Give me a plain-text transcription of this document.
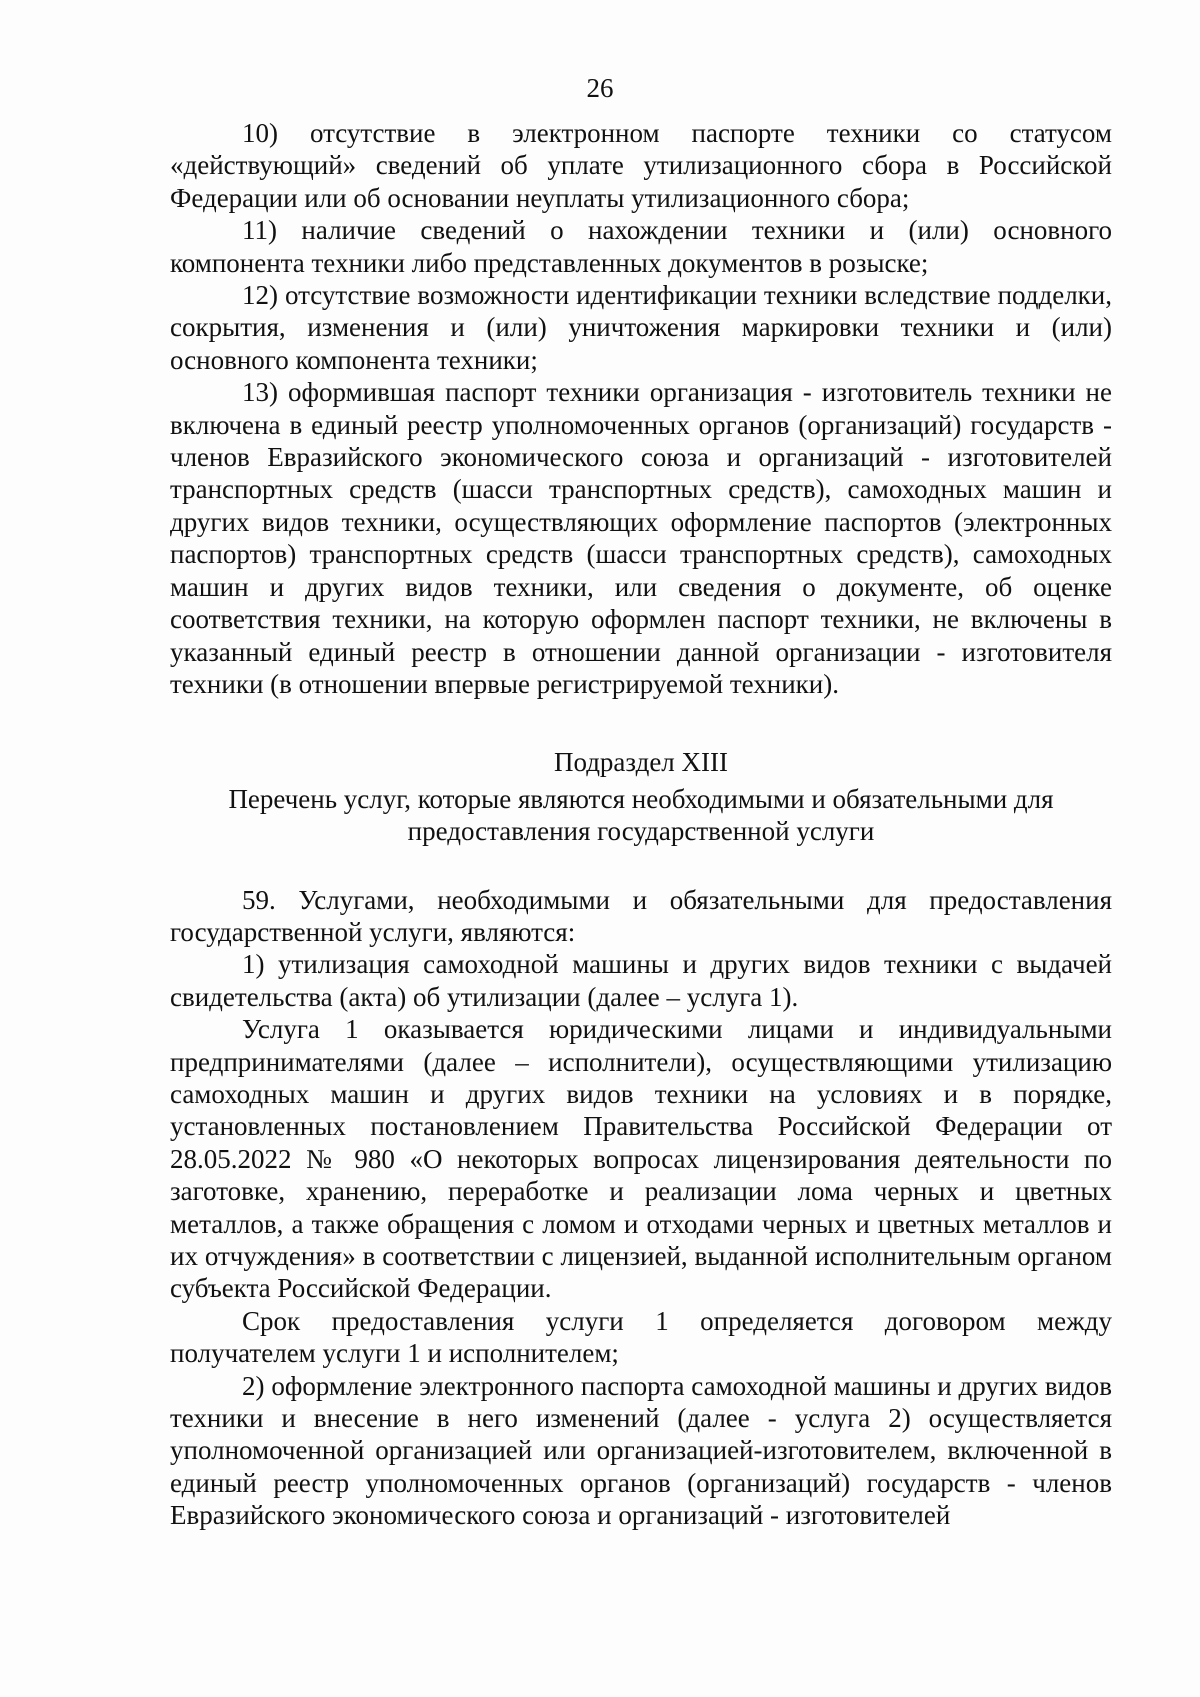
26

10) отсутствие в электронном паспорте техники со статусом «действующий» сведений об уплате утилизационного сбора в Российской Федерации или об основании неуплаты утилизационного сбора;

11) наличие сведений о нахождении техники и (или) основного компонента техники либо представленных документов в розыске;

12) отсутствие возможности идентификации техники вследствие подделки, сокрытия, изменения и (или) уничтожения маркировки техники и (или) основного компонента техники;

13) оформившая паспорт техники организация - изготовитель техники не включена в единый реестр уполномоченных органов (организаций) государств - членов Евразийского экономического союза и организаций - изготовителей транспортных средств (шасси транспортных средств), самоходных машин и других видов техники, осуществляющих оформление паспортов (электронных паспортов) транспортных средств (шасси транспортных средств), самоходных машин и других видов техники, или сведения о документе, об оценке соответствия техники, на которую оформлен паспорт техники, не включены в указанный единый реестр в отношении данной организации - изготовителя техники (в отношении впервые регистрируемой техники).

Подраздел XIII

Перечень услуг, которые являются необходимыми и обязательными для предоставления государственной услуги

59. Услугами, необходимыми и обязательными для предоставления государственной услуги, являются:

1) утилизация самоходной машины и других видов техники с выдачей свидетельства (акта) об утилизации (далее – услуга 1).

Услуга 1 оказывается юридическими лицами и индивидуальными предпринимателями (далее – исполнители), осуществляющими утилизацию самоходных машин и других видов техники на условиях и в порядке, установленных постановлением Правительства Российской Федерации от 28.05.2022 № 980 «О некоторых вопросах лицензирования деятельности по заготовке, хранению, переработке и реализации лома черных и цветных металлов, а также обращения с ломом и отходами черных и цветных металлов и их отчуждения» в соответствии с лицензией, выданной исполнительным органом субъекта Российской Федерации.

Срок предоставления услуги 1 определяется договором между получателем услуги 1 и исполнителем;

2) оформление электронного паспорта самоходной машины и других видов техники и внесение в него изменений (далее - услуга 2) осуществляется уполномоченной организацией или организацией-изготовителем, включенной в единый реестр уполномоченных органов (организаций) государств - членов Евразийского экономического союза и организаций - изготовителей
